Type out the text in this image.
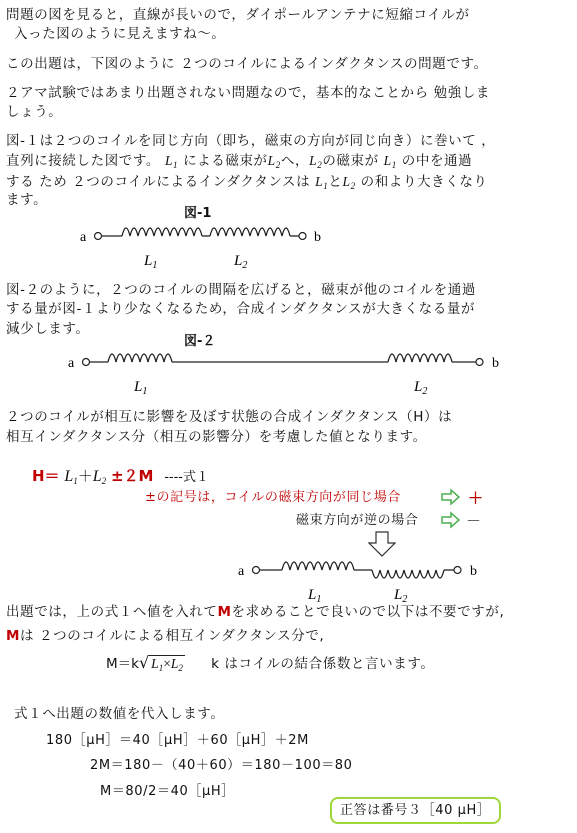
問題の図を見ると，直線が長いので，ダイポールアンテナに短縮コイルが
入った図のように見えますね～。
この出題は，下図のように ２つのコイルによるインダクタンスの問題です。
２アマ試験ではあまり出題されない問題なので，基本的なことから 勉強しま
しょう。
図-１は２つのコイルを同じ方向（即ち，磁束の方向が同じ向き）に巻いて ，
直列に接続した図です。 $L_1$ による磁束が$L_2$へ，$L_2$の磁束が $L_1$ の中を通過
する ため ２つのコイルによるインダクタンスは $L_1$と$L_2$ の和より大きくなり
ます。
図-1
a	b
$L_1$	$L_2$
図-２のように，２つのコイルの間隔を広げると，磁束が他のコイルを通過
する量が図-１より少なくなるため，合成インダクタンスが大きくなる量が
減少します。
図-２
a	b
$L_1$	$L_2$
２つのコイルが相互に影響を及ぼす状態の合成インダクタンス（H）は
相互インダクタンス分（相互の影響分）を考慮した値となります。
$H= L_1+L_2 \pm 2M$ ----式１
±の記号は，コイルの磁束方向が同じ場合	＋
磁束方向が逆の場合	－
a	b
$L_1$	$L_2$
出題では，上の式１へ値を入れてMを求めることで良いので以下は不要ですが,
Mは ２つのコイルによる相互インダクタンス分で,
M＝k√ $L_1\times L_2$ k はコイルの結合係数と言います。
式１へ出題の数値を代入します。
180［μH］＝40［μH］＋60［μH］＋2M
2M＝180－（40＋60）＝180－100＝80
M＝80/2＝40［μH］
正答は番号３［40 μH］
